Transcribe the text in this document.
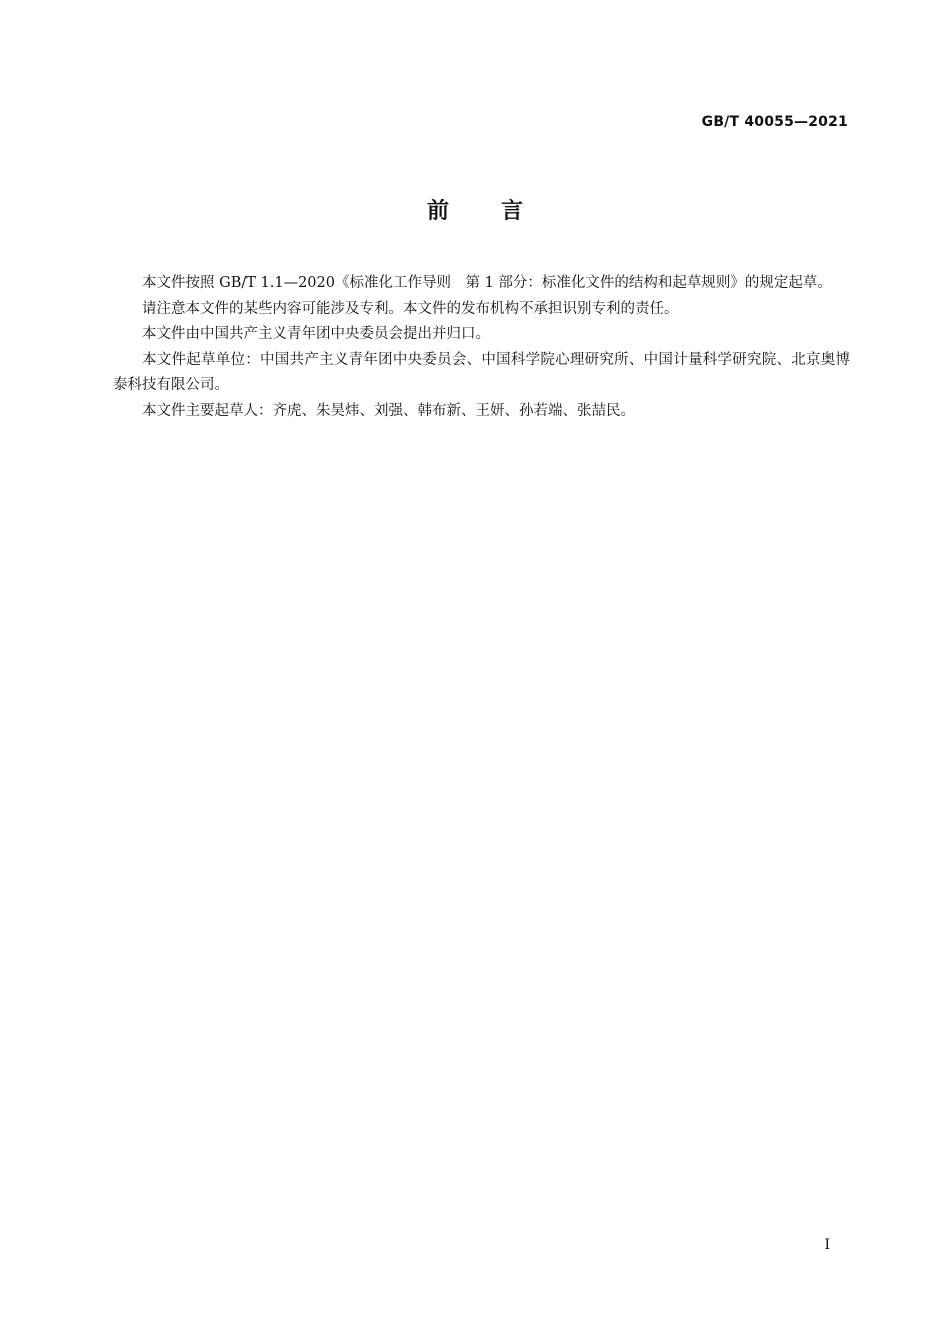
GB/T 40055—2021
前言

本文件按照 GB/T 1.1—2020《标准化工作导则　第 1 部分：标准化文件的结构和起草规则》的规定起草。

请注意本文件的某些内容可能涉及专利。本文件的发布机构不承担识别专利的责任。

本文件由中国共产主义青年团中央委员会提出并归口。

本文件起草单位：中国共产主义青年团中央委员会、中国科学院心理研究所、中国计量科学研究院、北京奥博泰科技有限公司。

本文件主要起草人：齐虎、朱昊炜、刘强、韩布新、王妍、孙若端、张喆民。

I
